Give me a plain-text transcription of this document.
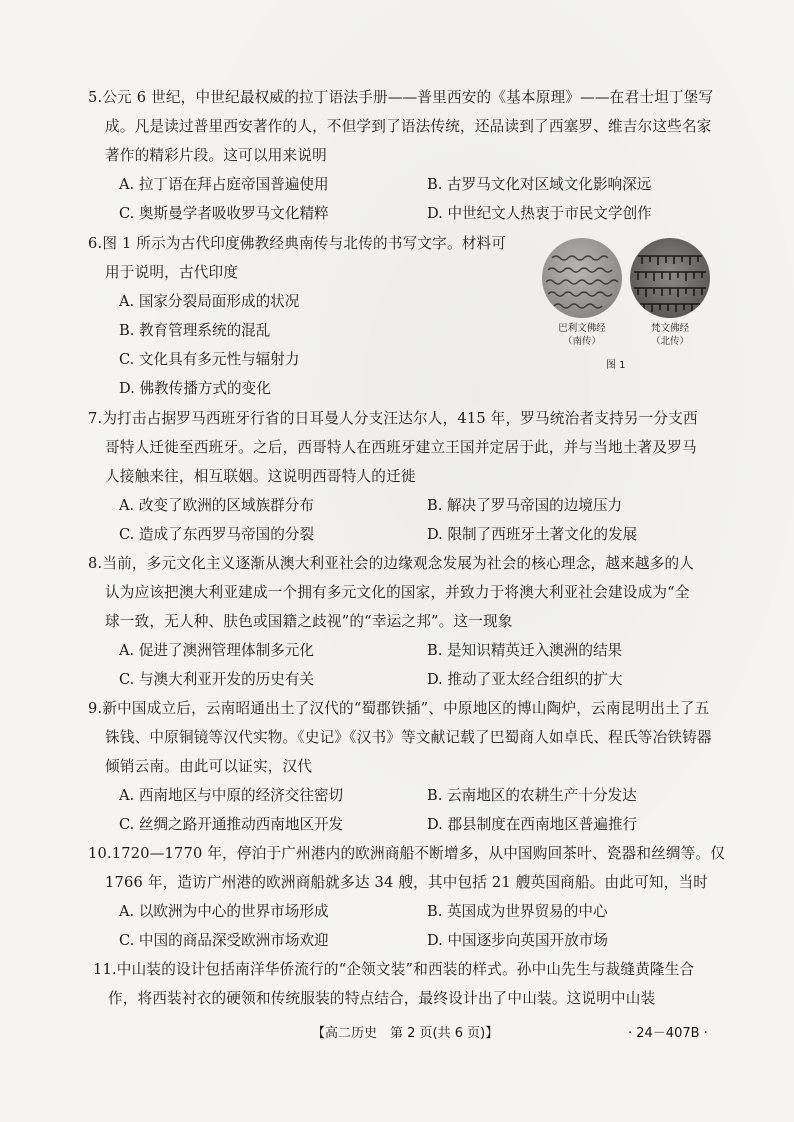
5.公元 6 世纪，中世纪最权威的拉丁语法手册——普里西安的《基本原理》——在君士坦丁堡写
成。凡是读过普里西安著作的人，不但学到了语法传统，还品读到了西塞罗、维吉尔这些名家
著作的精彩片段。这可以用来说明
A. 拉丁语在拜占庭帝国普遍使用	B. 古罗马文化对区域文化影响深远
C. 奥斯曼学者吸收罗马文化精粹	D. 中世纪文人热衷于市民文学创作
6.图 1 所示为古代印度佛教经典南传与北传的书写文字。材料可
用于说明，古代印度
A. 国家分裂局面形成的状况
B. 教育管理系统的混乱
C. 文化具有多元性与辐射力
D. 佛教传播方式的变化
巴利文佛经
（南传）
梵文佛经
（北传）
图 1
7.为打击占据罗马西班牙行省的日耳曼人分支汪达尔人，415 年，罗马统治者支持另一分支西
哥特人迁徙至西班牙。之后，西哥特人在西班牙建立王国并定居于此，并与当地土著及罗马
人接触来往，相互联姻。这说明西哥特人的迁徙
A. 改变了欧洲的区域族群分布	B. 解决了罗马帝国的边境压力
C. 造成了东西罗马帝国的分裂	D. 限制了西班牙土著文化的发展
8.当前，多元文化主义逐渐从澳大利亚社会的边缘观念发展为社会的核心理念，越来越多的人
认为应该把澳大利亚建成一个拥有多元文化的国家，并致力于将澳大利亚社会建设成为“全
球一致，无人种、肤色或国籍之歧视”的“幸运之邦”。这一现象
A. 促进了澳洲管理体制多元化	B. 是知识精英迁入澳洲的结果
C. 与澳大利亚开发的历史有关	D. 推动了亚太经合组织的扩大
9.新中国成立后，云南昭通出土了汉代的“蜀郡铁插”、中原地区的博山陶炉，云南昆明出土了五
铢钱、中原铜镜等汉代实物。《史记》《汉书》等文献记载了巴蜀商人如卓氏、程氏等冶铁铸器
倾销云南。由此可以证实，汉代
A. 西南地区与中原的经济交往密切	B. 云南地区的农耕生产十分发达
C. 丝绸之路开通推动西南地区开发	D. 郡县制度在西南地区普遍推行
10.1720—1770 年，停泊于广州港内的欧洲商船不断增多，从中国购回茶叶、瓷器和丝绸等。仅
1766 年，造访广州港的欧洲商船就多达 34 艘，其中包括 21 艘英国商船。由此可知，当时
A. 以欧洲为中心的世界市场形成	B. 英国成为世界贸易的中心
C. 中国的商品深受欧洲市场欢迎	D. 中国逐步向英国开放市场
11.中山装的设计包括南洋华侨流行的“企领文装”和西装的样式。孙中山先生与裁缝黄隆生合
作，将西装衬衣的硬领和传统服装的特点结合，最终设计出了中山装。这说明中山装
【高二历史　第 2 页(共 6 页)】	· 24－407B ·
